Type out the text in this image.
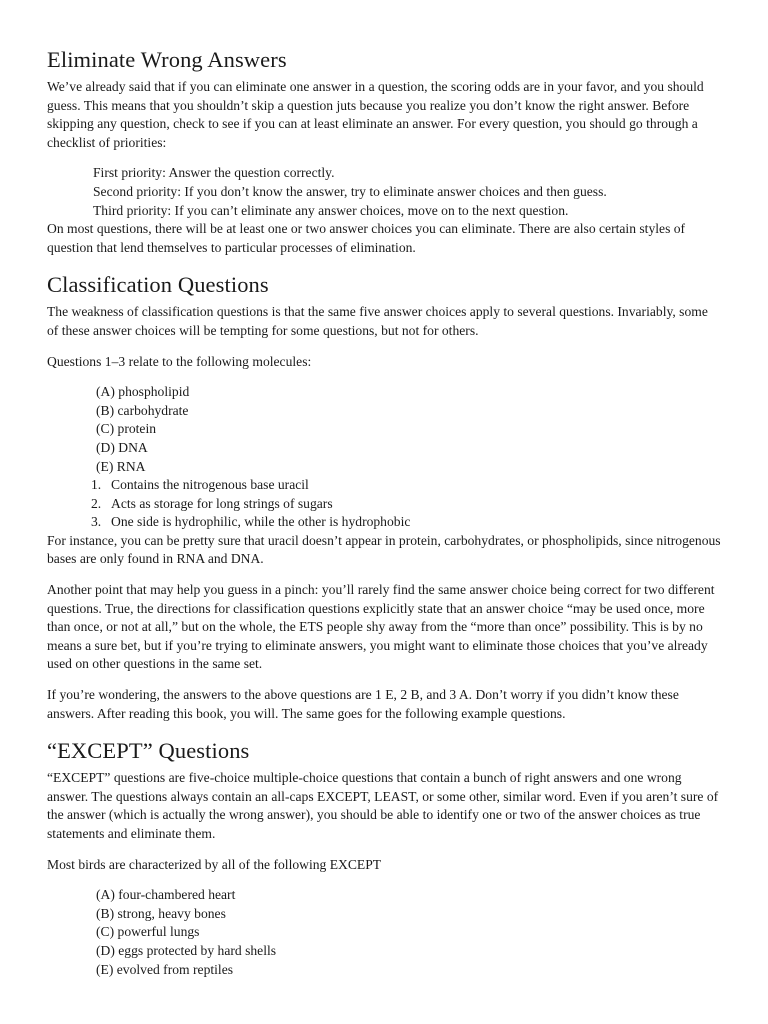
Eliminate Wrong Answers

We’ve already said that if you can eliminate one answer in a question, the scoring odds are in your favor, and you should guess. This means that you shouldn’t skip a question juts because you realize you don’t know the right answer. Before skipping any question, check to see if you can at least eliminate an answer. For every question, you should go through a checklist of priorities:

First priority: Answer the question correctly.
Second priority: If you don’t know the answer, try to eliminate answer choices and then guess.
Third priority: If you can’t eliminate any answer choices, move on to the next question.

On most questions, there will be at least one or two answer choices you can eliminate. There are also certain styles of question that lend themselves to particular processes of elimination.

Classification Questions

The weakness of classification questions is that the same five answer choices apply to several questions. Invariably, some of these answer choices will be tempting for some questions, but not for others.

Questions 1–3 relate to the following molecules:

(A) phospholipid
(B) carbohydrate
(C) protein
(D) DNA
(E) RNA
1. Contains the nitrogenous base uracil
2. Acts as storage for long strings of sugars
3. One side is hydrophilic, while the other is hydrophobic

For instance, you can be pretty sure that uracil doesn’t appear in protein, carbohydrates, or phospholipids, since nitrogenous bases are only found in RNA and DNA.

Another point that may help you guess in a pinch: you’ll rarely find the same answer choice being correct for two different questions. True, the directions for classification questions explicitly state that an answer choice “may be used once, more than once, or not at all,” but on the whole, the ETS people shy away from the “more than once” possibility. This is by no means a sure bet, but if you’re trying to eliminate answers, you might want to eliminate those choices that you’ve already used on other questions in the same set.

If you’re wondering, the answers to the above questions are 1 E, 2 B, and 3 A. Don’t worry if you didn’t know these answers. After reading this book, you will. The same goes for the following example questions.

“EXCEPT” Questions

“EXCEPT” questions are five-choice multiple-choice questions that contain a bunch of right answers and one wrong answer. The questions always contain an all-caps EXCEPT, LEAST, or some other, similar word. Even if you aren’t sure of the answer (which is actually the wrong answer), you should be able to identify one or two of the answer choices as true statements and eliminate them.

Most birds are characterized by all of the following EXCEPT

(A) four-chambered heart
(B) strong, heavy bones
(C) powerful lungs
(D) eggs protected by hard shells
(E) evolved from reptiles
